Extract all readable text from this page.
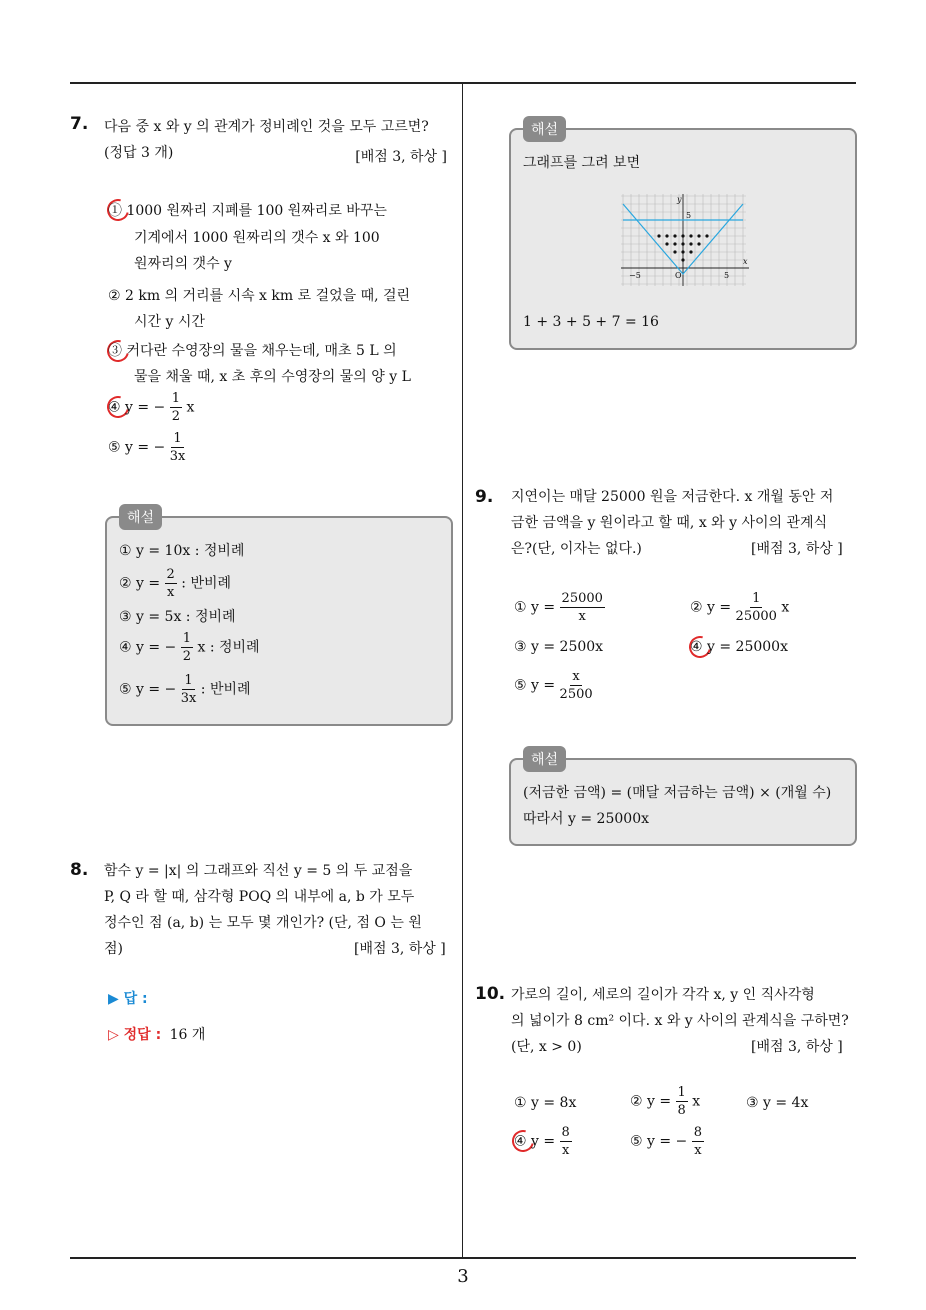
3
7. 다음 중 x 와 y 의 관계가 정비례인 것을 모두 고르면?
(정답 3 개)	[배점 3, 하상 ]
① 1000 원짜리 지폐를 100 원짜리로 바꾸는
기계에서 1000 원짜리의 갯수 x 와 100
원짜리의 갯수 y
② 2 km 의 거리를 시속 x km 로 걸었을 때, 걸린
시간 y 시간
③ 커다란 수영장의 물을 채우는데, 매초 5 L 의
물을 채울 때, x 초 후의 수영장의 물의 양 y L
④ y = − $\frac{1}{2}$ x
⑤ y = − $\frac{1}{3x}$
해설
① y = 10x : 정비례
② $y = \frac{2}{x}$ : 반비례
③ y = 5x : 정비례
④ y = − $\frac{1}{2}$ x : 정비례
⑤ y = − $\frac{1}{3x}$ : 반비례
8. 함수 y = |x| 의 그래프와 직선 y = 5 의 두 교점을
P, Q 라 할 때, 삼각형 POQ 의 내부에 a, b 가 모두
정수인 점 (a, b) 는 모두 몇 개인가? (단, 점 O 는 원
점)	[배점 3, 하상 ]
▶ 답 :
▷ 정답 : 16 개
해설
그래프를 그려 보면
y
x
5
−5	O	5
1 + 3 + 5 + 7 = 16
9. 지연이는 매달 25000 원을 저금한다. x 개월 동안 저
금한 금액을 y 원이라고 할 때, x 와 y 사이의 관계식
은?(단, 이자는 없다.)	[배점 3, 하상 ]
① $y = \frac{25000}{x}$	② $y = \frac{1}{25000}$ x
③ y = 2500x	④ y = 25000x
⑤ $y = \frac{x}{2500}$
해설
(저금한 금액) = (매달 저금하는 금액) × (개월 수)
따라서 y = 25000x
10. 가로의 길이, 세로의 길이가 각각 x, y 인 직사각형
의 넓이가 8 cm² 이다. x 와 y 사이의 관계식을 구하면?
(단, x > 0)	[배점 3, 하상 ]
① y = 8x	② $y = \frac{1}{8}$ x	③ y = 4x
④ $y = \frac{8}{x}$	⑤ y = − $\frac{8}{x}$
